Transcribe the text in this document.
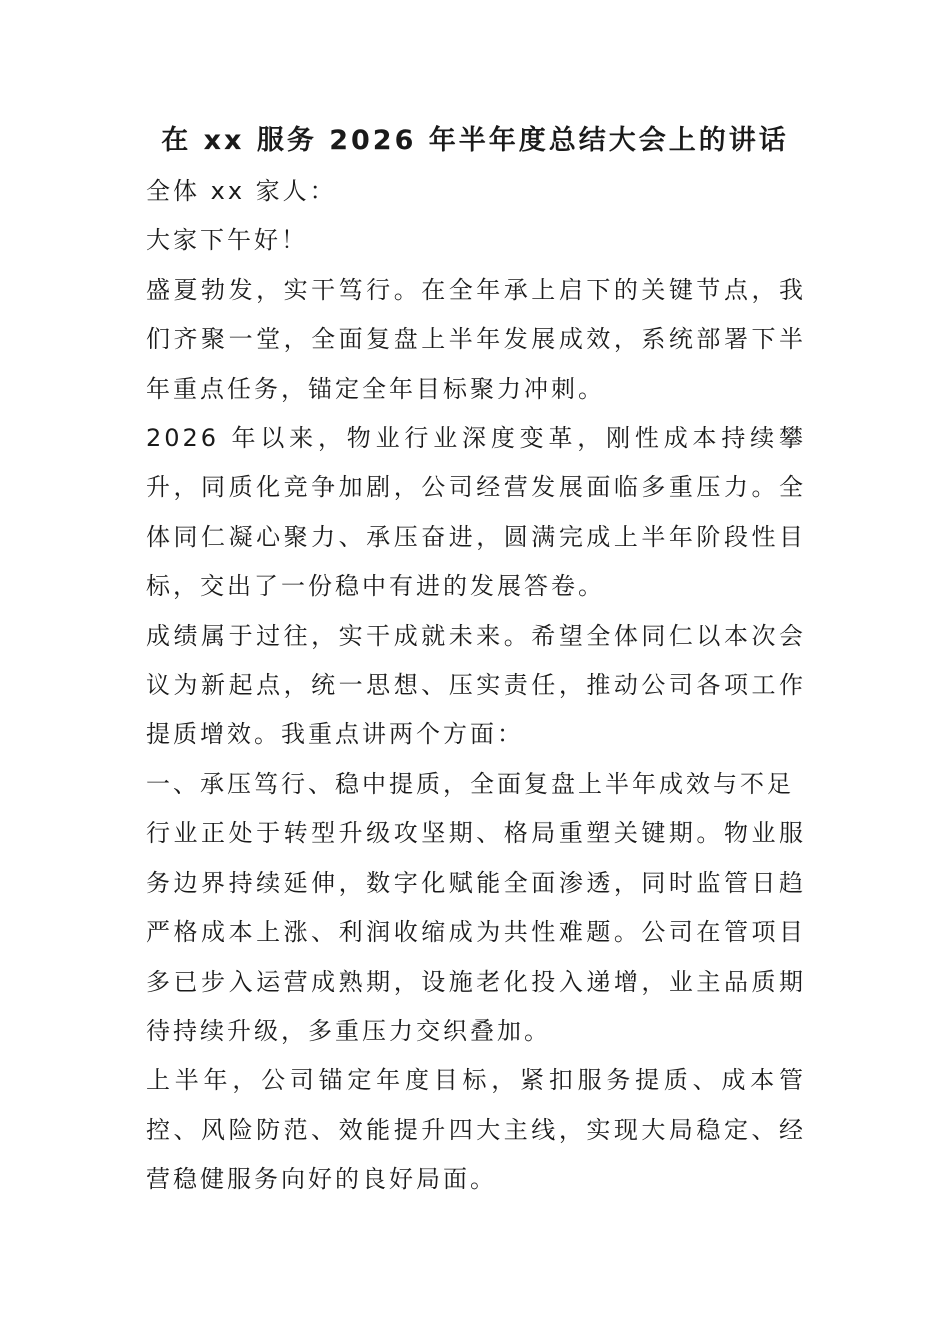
在 xx 服务 2026 年半年度总结大会上的讲话

全体 xx 家人：

大家下午好！

盛夏勃发，实干笃行。在全年承上启下的关键节点，我们齐聚一堂，全面复盘上半年发展成效，系统部署下半年重点任务，锚定全年目标聚力冲刺。

2026 年以来，物业行业深度变革，刚性成本持续攀升，同质化竞争加剧，公司经营发展面临多重压力。全体同仁凝心聚力、承压奋进，圆满完成上半年阶段性目标，交出了一份稳中有进的发展答卷。

成绩属于过往，实干成就未来。希望全体同仁以本次会议为新起点，统一思想、压实责任，推动公司各项工作提质增效。我重点讲两个方面：

一、承压笃行、稳中提质，全面复盘上半年成效与不足

行业正处于转型升级攻坚期、格局重塑关键期。物业服务边界持续延伸，数字化赋能全面渗透，同时监管日趋严格成本上涨、利润收缩成为共性难题。公司在管项目多已步入运营成熟期，设施老化投入递增，业主品质期待持续升级，多重压力交织叠加。

上半年，公司锚定年度目标，紧扣服务提质、成本管控、风险防范、效能提升四大主线，实现大局稳定、经营稳健服务向好的良好局面。
